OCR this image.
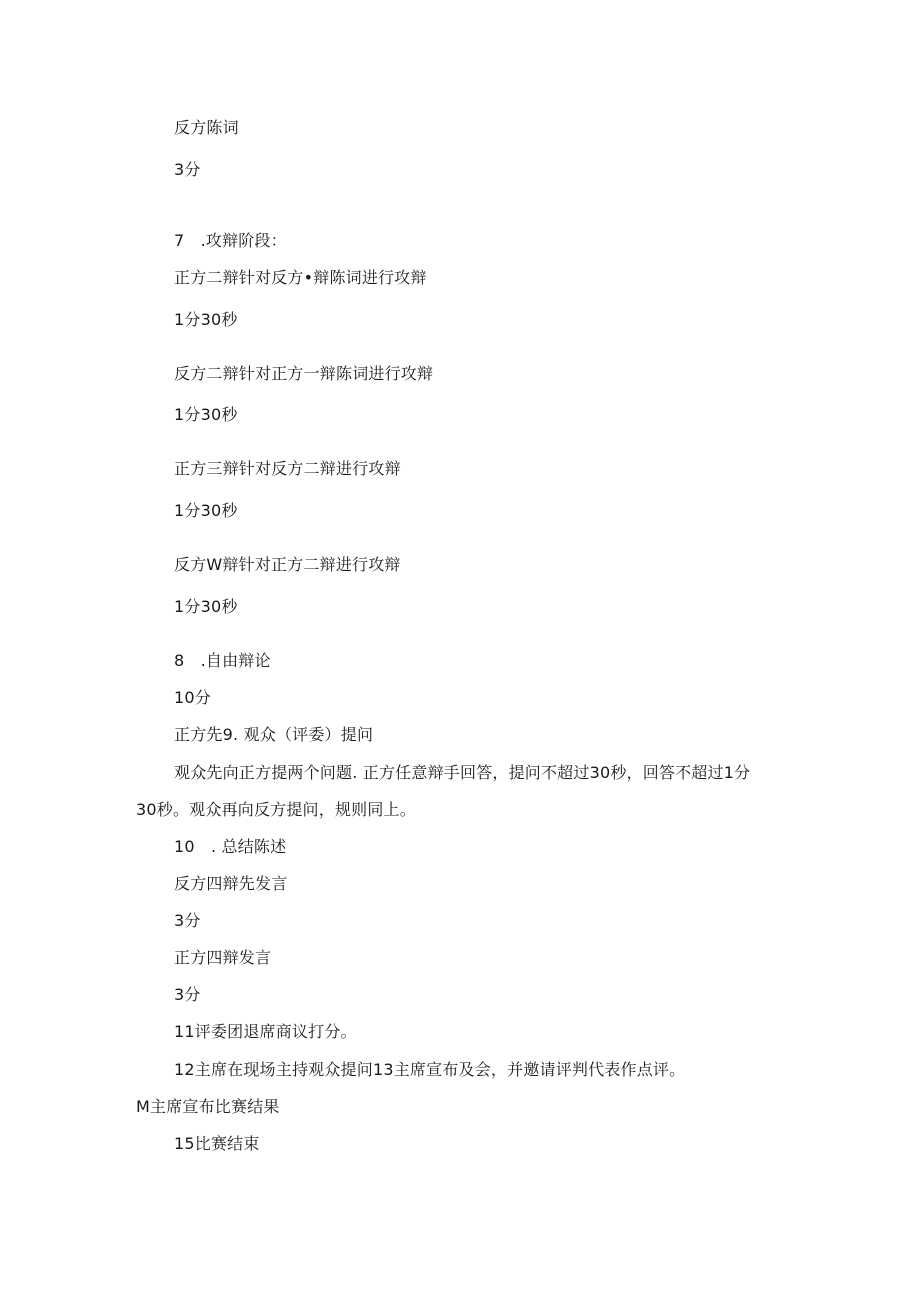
反方陈词
3分
7　.攻辩阶段：
正方二辩针对反方•辩陈词进行攻辩
1分30秒
反方二辩针对正方一辩陈词进行攻辩
1分30秒
正方三辩针对反方二辩进行攻辩
1分30秒
反方W辩针对正方二辩进行攻辩
1分30秒
8　.自由辩论
10分
正方先9. 观众（评委）提问
观众先向正方提两个问题. 正方任意辩手回答，提问不超过30秒，回答不超过1分
30秒。观众再向反方提问，规则同上。
10　. 总结陈述
反方四辩先发言
3分
正方四辩发言
3分
11评委团退席商议打分。
12主席在现场主持观众提问13主席宣布及会，并邀请评判代表作点评。
M主席宣布比赛结果
15比赛结束
